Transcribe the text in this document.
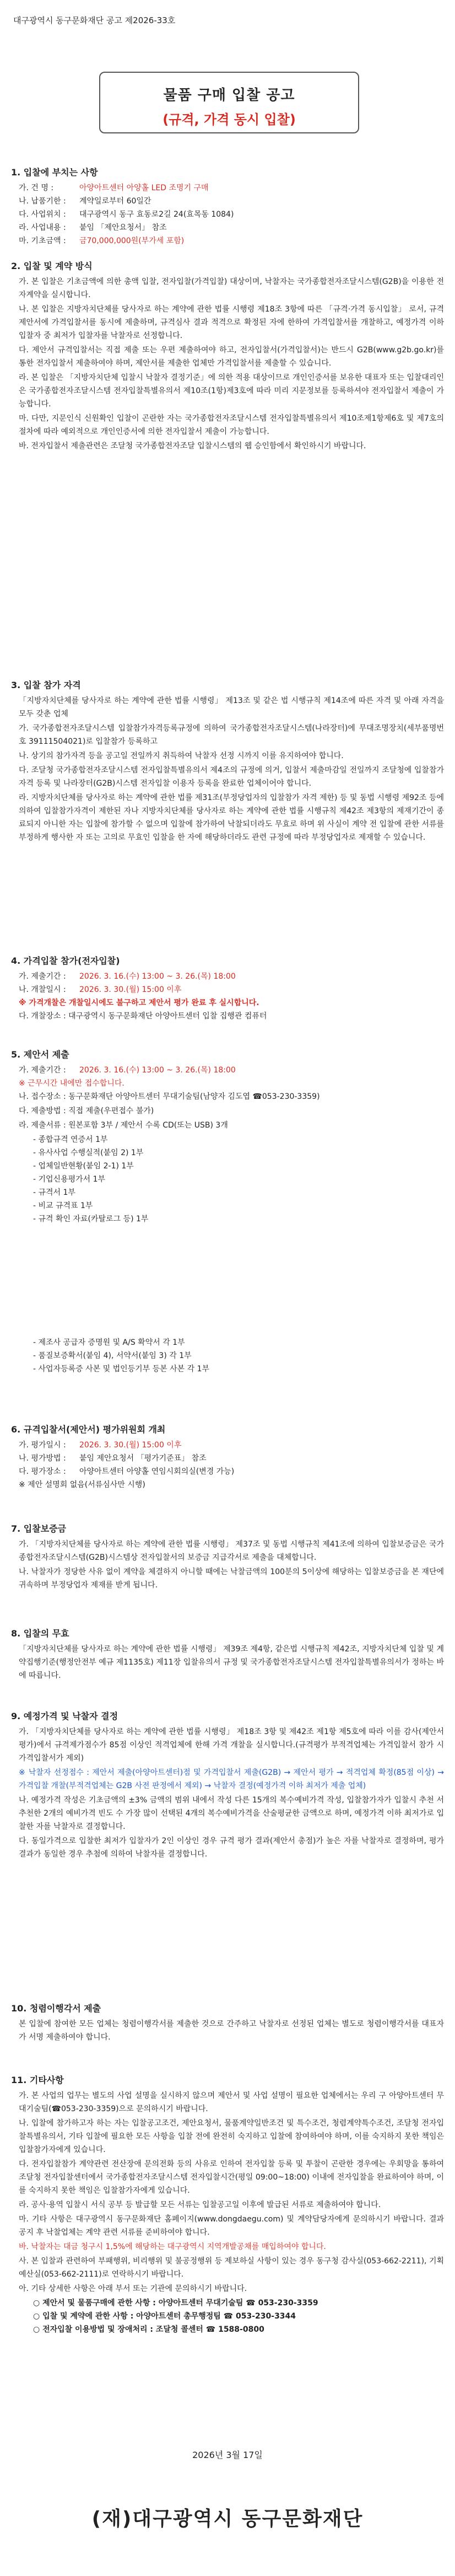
대구광역시 동구문화재단 공고 제2026-33호
물품 구매 입찰 공고
(규격, 가격 동시 입찰)
1. 입찰에 부치는 사항
가. 건 명 :	아양아트센터 아양홀 LED 조명기 구매
나. 납품기한 :	계약일로부터 60일간
다. 사업위치 :	대구광역시 동구 효동로2길 24(효목동 1084)
라. 사업내용 :	붙임 「제안요청서」 참조
마. 기초금액 :	금70,000,000원(부가세 포함)
2. 입찰 및 계약 방식

가. 본 입찰은 기초금액에 의한 총액 입찰, 전자입찰(가격입찰) 대상이며, 낙찰자는 국가종합전자조달시스템(G2B)을 이용한 전자계약을 실시합니다.

나. 본 입찰은 지방자치단체를 당사자로 하는 계약에 관한 법률 시행령 제18조 3항에 따른 「규격·가격 동시입찰」 로서, 규격제안서에 가격입찰서를 동시에 제출하며, 규격심사 결과 적격으로 확정된 자에 한하여 가격입찰서를 개찰하고, 예정가격 이하 입찰자 중 최저가 입찰자를 낙찰자로 선정합니다.

다. 제안서 규격입찰서는 직접 제출 또는 우편 제출하여야 하고, 전자입찰서(가격입찰서)는 반드시 G2B(www.g2b.go.kr)를 통한 전자입찰서 제출하여야 하며, 제안서를 제출한 업체만 가격입찰서를 제출할 수 있습니다.

라. 본 입찰은 「지방자치단체 입찰시 낙찰자 결정기준」에 의한 적용 대상이므로 개인인증서를 보유한 대표자 또는 입찰대리인은 국가종합전자조달시스템 전자입찰특별유의서 제10조(1항)제3호에 따라 미리 지문정보를 등록하셔야 전자입찰서 제출이 가능합니다.

마. 다만, 지문인식 신원확인 입찰이 곤란한 자는 국가종합전자조달시스템 전자입찰특별유의서 제10조제1항제6호 및 제7호의 절차에 따라 예외적으로 개인인증서에 의한 전자입찰서 제출이 가능합니다.

바. 전자입찰서 제출관련은 조달청 국가종합전자조달 입찰시스템의 웹 승인함에서 확인하시기 바랍니다.

3. 입찰 참가 자격

「지방자치단체를 당사자로 하는 계약에 관한 법률 시행령」 제13조 및 같은 법 시행규칙 제14조에 따른 자격 및 아래 자격을 모두 갖춘 업체

가. 국가종합전자조달시스템 입찰참가자격등록규정에 의하여 국가종합전자조달시스템(나라장터)에 무대조명장치(세부품명번호 39111504021)로 입찰참가 등록하고

나. 상기의 참가자격 등을 공고일 전일까지 취득하여 낙찰자 선정 시까지 이를 유지하여야 합니다.

다. 조달청 국가종합전자조달시스템 전자입찰특별유의서 제4조의 규정에 의거, 입찰서 제출마감일 전일까지 조달청에 입찰참가자격 등록 및 나라장터(G2B)시스템 전자입찰 이용자 등록을 완료한 업체이어야 합니다.

라. 지방자치단체를 당사자로 하는 계약에 관한 법률 제31조(부정당업자의 입찰참가 자격 제한) 등 및 동법 시행령 제92조 등에 의하여 입찰참가자격이 제한된 자나 지방자치단체를 당사자로 하는 계약에 관한 법률 시행규칙 제42조 제3항의 제재기간이 종료되지 아니한 자는 입찰에 참가할 수 없으며 입찰에 참가하여 낙찰되더라도 무효로 하며 위 사실이 계약 전 입찰에 관한 서류를 부정하게 행사한 자 또는 고의로 무효인 입찰을 한 자에 해당하더라도 관련 규정에 따라 부정당업자로 제재할 수 있습니다.

4. 가격입찰 참가(전자입찰)
가. 제출기간 :	2026. 3. 16.(수) 13:00 ~ 3. 26.(목) 18:00
나. 개찰일시 :	2026. 3. 30.(월) 15:00 이후
※ 가격개찰은 개찰일시에도 불구하고 제안서 평가 완료 후 실시합니다.
다. 개찰장소 : 대구광역시 동구문화재단 아양아트센터 입찰 집행관 컴퓨터
5. 제안서 제출
가. 제출기간 :	2026. 3. 16.(수) 13:00 ~ 3. 26.(목) 18:00
※ 근무시간 내에만 접수합니다.

나. 접수장소 : 동구문화재단 아양아트센터 무대기술팀(남양자 김도엽 ☎053-230-3359)

다. 제출방법 : 직접 제출(우편접수 불가)

라. 제출서류 : 원본포함 3부 / 제안서 수록 CD(또는 USB) 3개

- 종합규격 연증서 1부
- 유사사업 수행실적(붙임 2) 1부
- 업체일반현황(붙임 2-1) 1부
- 기업신용평가서 1부
- 규격서 1부
- 비교 규격표 1부
- 규격 확인 자료(카탈로그 등) 1부
- 제조사 공급자 증명원 및 A/S 확약서 각 1부
- 품질보증확서(붙임 4), 서약서(붙임 3) 각 1부
- 사업자등록증 사본 및 법인등기부 등본 사본 각 1부
6. 규격입찰서(제안서) 평가위원회 개최
가. 평가일시 :	2026. 3. 30.(월) 15:00 이후
나. 평가방법 :	붙임 제안요청서 「평가기준표」 참조
다. 평가장소 :	아양아트센터 아양홀 연임시회의실(변경 가능)
※ 제안 설명회 없음(서류심사만 시행)
7. 입찰보증금

가. 「지방자치단체를 당사자로 하는 계약에 관한 법률 시행령」 제37조 및 동법 시행규칙 제41조에 의하여 입찰보증금은 국가종합전자조달시스템(G2B)시스템상 전자입찰서의 보증금 지급각서로 제출을 대체합니다.

나. 낙찰자가 정당한 사유 없이 계약을 체결하지 아니할 때에는 낙찰금액의 100분의 5이상에 해당하는 입찰보증금을 본 재단에 귀속하며 부정당업자 제재를 받게 됩니다.

8. 입찰의 무효
「지방자치단체를 당사자로 하는 계약에 관한 법률 시행령」 제39조 제4항, 같은법 시행규칙 제42조, 지방자치단체 입찰 및 계약집행기준(행정안전부 예규 제1135호) 제11장 입찰유의서 규정 및 국가종합전자조달시스템 전자입찰특별유의서가 정하는 바에 따릅니다.
9. 예정가격 및 낙찰자 결정

가. 「지방자치단체를 당사자로 하는 계약에 관한 법률 시행령」 제18조 3항 및 제42조 제1항 제5호에 따라 이를 감사(제안서 평가)에서 규격제가점수가 85점 이상인 적격업체에 한해 가격 개찰을 실시합니다.(규격평가 부적격업체는 가격입찰서 참가 시 가격입찰서가 제외)

※ 낙찰자 선정점수 : 제안서 제출(아양아트센터)점 및 가격입찰서 제출(G2B) → 제안서 평가 → 적격업체 확정(85점 이상) → 가격입찰 개찰(부적격업체는 G2B 사전 판정에서 제외) → 낙찰자 결정(예정가격 이하 최저가 제출 업체)

나. 예정가격 작성은 기초금액의 ±3% 금액의 범위 내에서 작성 다른 15개의 복수예비가격 작성, 입찰참가자가 입찰시 추천 서 추천한 2개의 예비가격 빈도 수 가장 많이 선택된 4개의 복수예비가격을 산술평균한 금액으로 하며, 예정가격 이하 최저가로 입찰한 자를 낙찰자로 결정합니다.

다. 동일가격으로 입찰한 최저가 입찰자가 2인 이상인 경우 규격 평가 결과(제안서 총점)가 높은 자를 낙찰자로 결정하며, 평가 결과가 동일한 경우 추첨에 의하여 낙찰자를 결정합니다.

10. 청렴이행각서 제출
본 입찰에 참여한 모든 업체는 청렴이행각서를 제출한 것으로 간주하고 낙찰자로 선정된 업체는 별도로 청렴이행각서를 대표자가 서명 제출하여야 합니다.
11. 기타사항

가. 본 사업의 업무는 별도의 사업 설명을 실시하지 않으며 제안서 및 사업 설명이 필요한 업체에서는 우리 구 아양아트센터 무대기술팀(☎053-230-3359)으로 문의하시기 바랍니다.

나. 입찰에 참가하고자 하는 자는 입찰공고조건, 제안요청서, 물품계약일반조건 및 특수조건, 청렴계약특수조건, 조달청 전자입찰특별유의서, 기타 입찰에 필요한 모든 사항을 입찰 전에 완전히 숙지하고 입찰에 참여하여야 하며, 이를 숙지하지 못한 책임은 입찰참가자에게 있습니다.

다. 전자입찰참가 계약관련 전산장애 문의전화 등의 사유로 인하여 전자입찰 등록 및 투찰이 곤란한 경우에는 우회망을 통하여 조달청 전자입찰센터에서 국가종합전자조달시스템 전자입찰시간(평일 09:00~18:00) 이내에 전자입찰을 완료하여야 하며, 이를 숙지하지 못한 책임은 입찰참가자에게 있습니다.

라. 공사·용역 입찰시 서식 공부 등 발급할 모든 서류는 입찰공고일 이후에 발급된 서류로 제출하여야 합니다.

마. 기타 사항은 대구광역시 동구문화재단 홈페이지(www.dongdaegu.com) 및 계약담당자에게 문의하시기 바랍니다. 결과 공지 후 낙찰업체는 계약 관련 서류를 준비하여야 합니다.

바. 낙찰자는 대금 청구시 1,5%에 해당하는 대구광역시 지역개발공채를 매입하여야 합니다.

사. 본 입찰과 관련하여 부패행위, 비리행위 및 불공정행위 등 제보하실 사항이 있는 경우 동구청 감사실(053-662-2211), 기획예산실(053-662-2111)로 연락하시기 바랍니다.

아. 기타 상세한 사항은 아래 부서 또는 기관에 문의하시기 바랍니다.

○ 제안서 및 물품구매에 관한 사항 : 아양아트센터 무대기술팀 ☎ 053-230-3359
○ 입찰 및 계약에 관한 사항 : 아양아트센터 총무행정팀 ☎ 053-230-3344
○ 전자입찰 이용방법 및 장애처리 : 조달청 콜센터 ☎ 1588-0800
2026년 3월 17일
(재)대구광역시 동구문화재단
